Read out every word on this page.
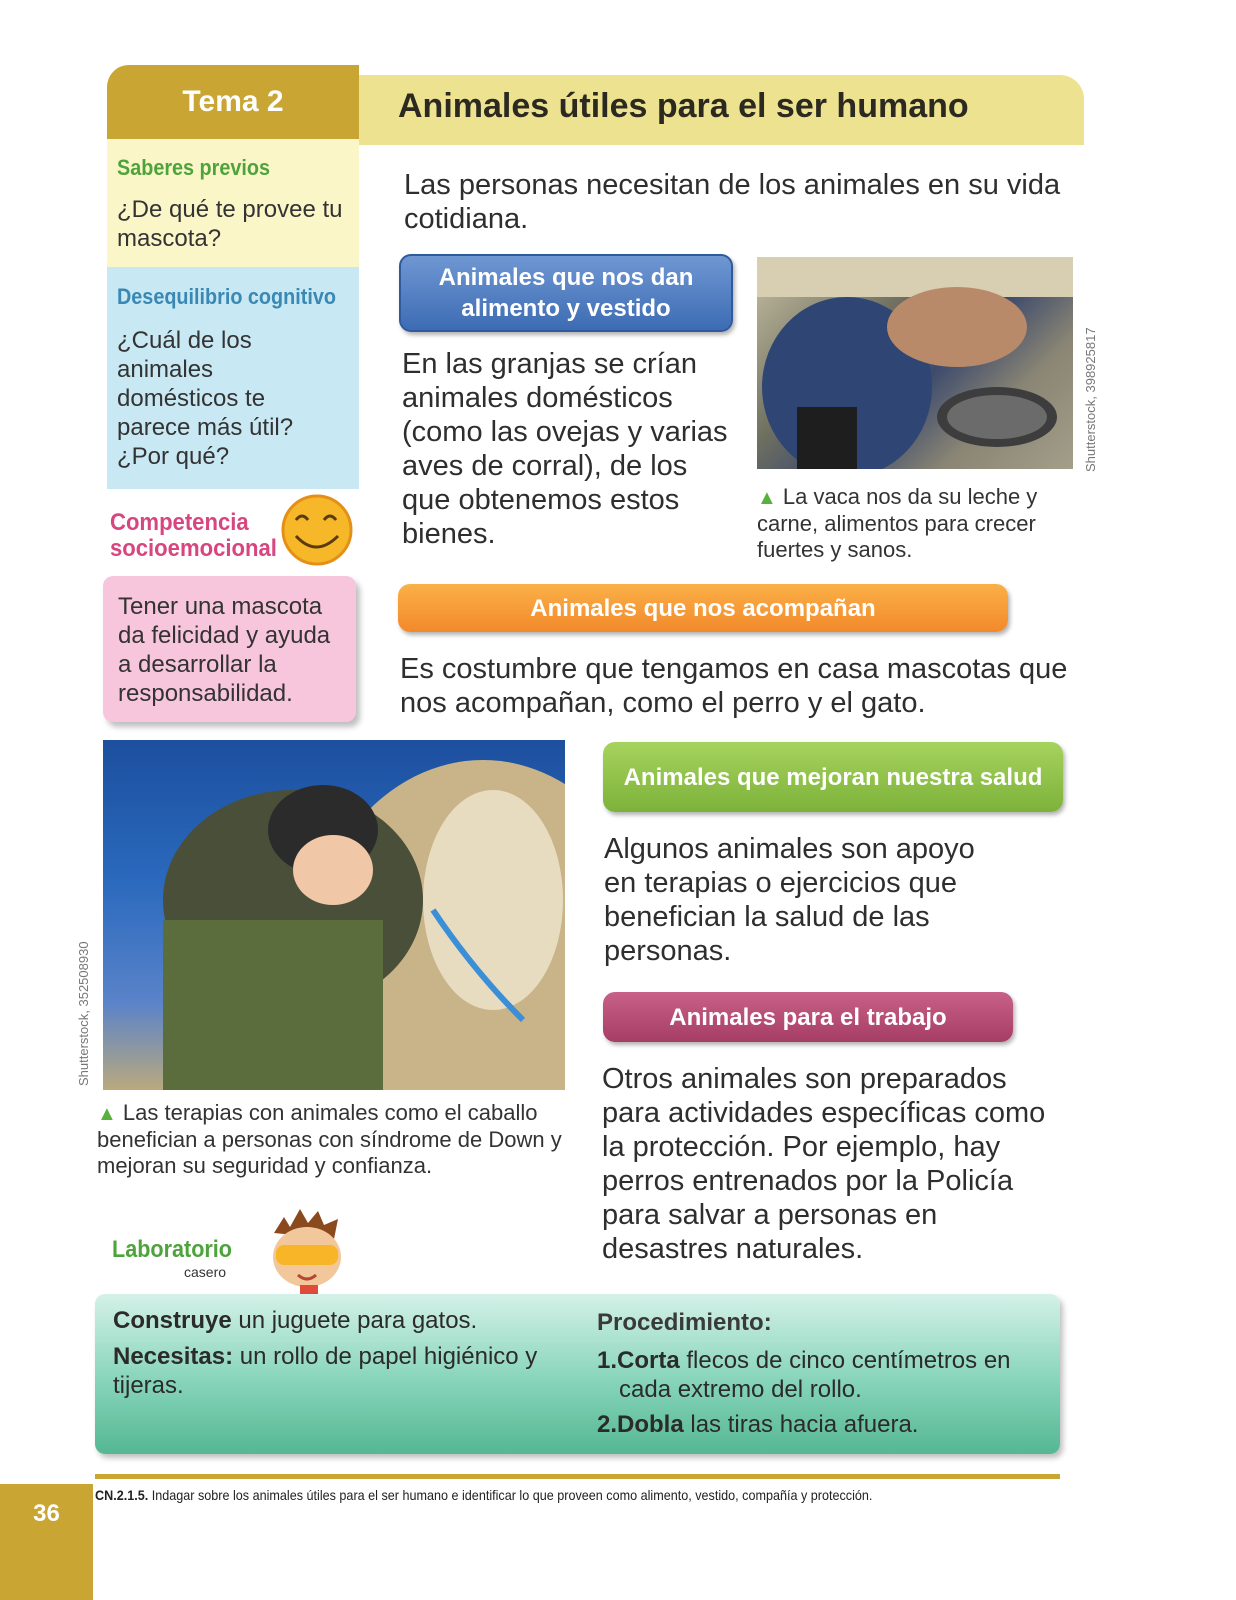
Tema 2	Animales útiles para el ser humano
Saberes previos
¿De qué te provee tu mascota?
Desequilibrio cognitivo
¿Cuál de los animales domésticos te parece más útil? ¿Por qué?
Competencia
socioemocional
Tener una mascota da felicidad y ayuda a desarrollar la responsabilidad.
Las personas necesitan de los animales en su vida cotidiana.
Animales que nos dan alimento y vestido
En las granjas se crían animales domésticos (como las ovejas y varias aves de corral), de los que obtenemos estos bienes.
Shutterstock, 398925817
▲ La vaca nos da su leche y carne, alimentos para crecer fuertes y sanos.
Animales que nos acompañan
Es costumbre que tengamos en casa mascotas que nos acompañan, como el perro y el gato.
Shutterstock, 352508930
▲ Las terapias con animales como el caballo benefician a personas con síndrome de Down y mejoran su seguridad y confianza.
Animales que mejoran nuestra salud
Algunos animales son apoyo en terapias o ejercicios que benefician la salud de las personas.
Animales para el trabajo
Otros animales son preparados para actividades específicas como la protección. Por ejemplo, hay perros entrenados por la Policía para salvar a personas en desastres naturales.
Laboratorio
casero
Construye un juguete para gatos.
Necesitas: un rollo de papel higiénico y tijeras.
Procedimiento:
1.Corta flecos de cinco centímetros en cada extremo del rollo.
2.Dobla las tiras hacia afuera.
CN.2.1.5. Indagar sobre los animales útiles para el ser humano e identificar lo que proveen como alimento, vestido, compañía y protección.
36
